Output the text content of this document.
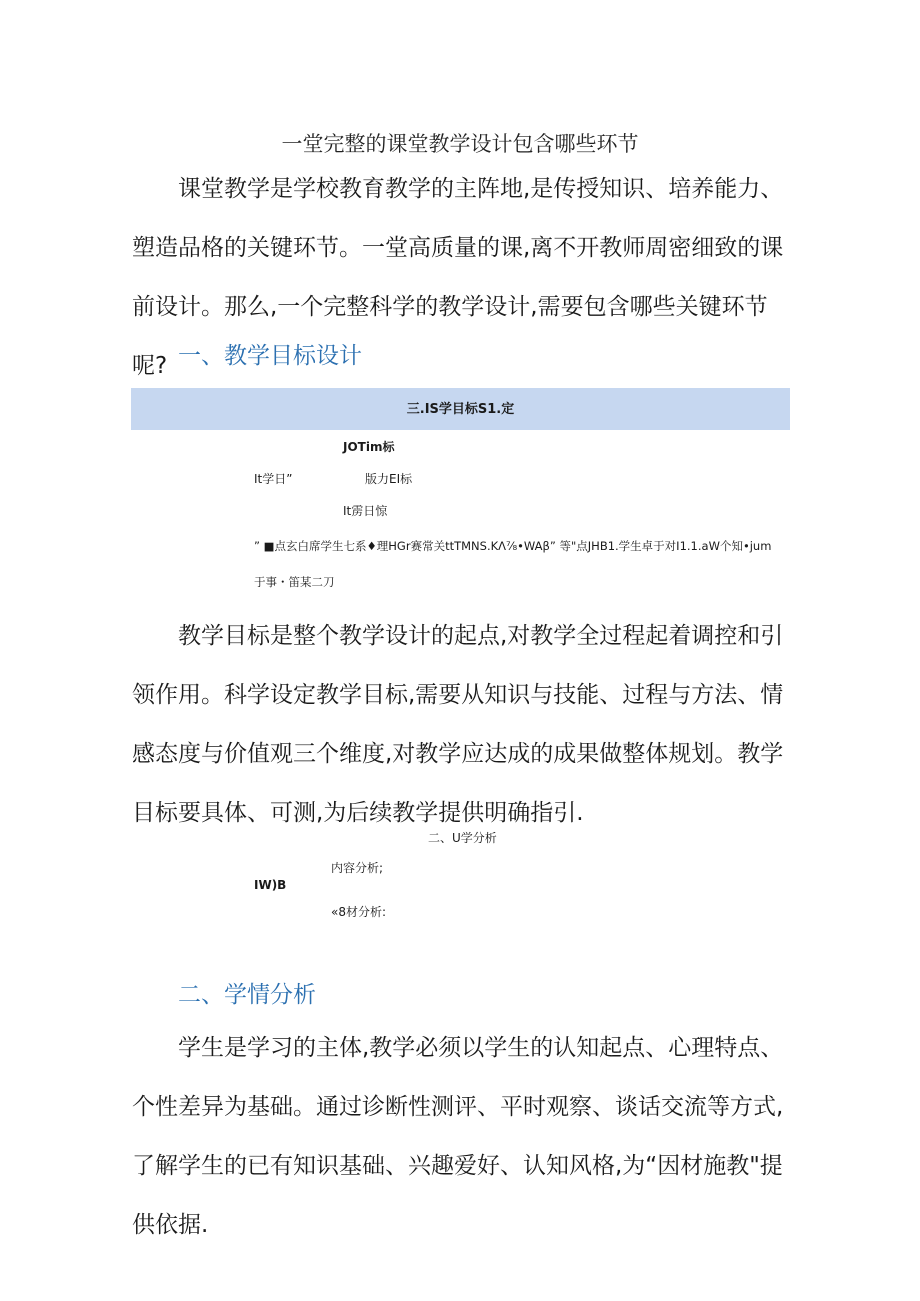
一堂完整的课堂教学设计包含哪些环节

课堂教学是学校教育教学的主阵地,是传授知识、培养能力、塑造品格的关键环节。一堂高质量的课,离不开教师周密细致的课前设计。那么,一个完整科学的教学设计,需要包含哪些关键环节呢? 一、教学目标设计
三.IS学目标S1.定
JOTim标
It学日”	版力EI标
It雳日惊
” ■点玄白席学生七系♦理HGr赛常关ttTMNS.KΛ⅞•WAβ” 等"点JHB1.学生卓于对I1.1.aW个知•jum
于事・笛某二刀

教学目标是整个教学设计的起点,对教学全过程起着调控和引领作用。科学设定教学目标,需要从知识与技能、过程与方法、情感态度与价值观三个维度,对教学应达成的成果做整体规划。教学目标要具体、可测,为后续教学提供明确指引.

二、U学分析
内容分析;
IW)B
«8材分析:
二、学情分析

学生是学习的主体,教学必须以学生的认知起点、心理特点、个性差异为基础。通过诊断性测评、平时观察、谈话交流等方式,了解学生的已有知识基础、兴趣爱好、认知风格,为“因材施教"提供依据.
